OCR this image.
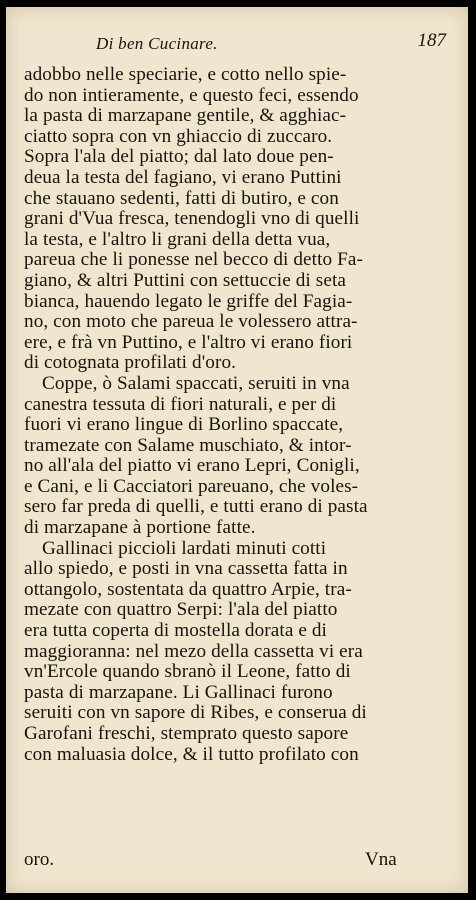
Di ben Cucinare.	187
adobbo nelle speciarie, e cotto nello spie-
do non intieramente, e questo feci, essendo
la pasta di marzapane gentile, & agghiac-
ciatto sopra con vn ghiaccio di zuccaro.
Sopra l'ala del piatto; dal lato doue pen-
deua la testa del fagiano, vi erano Puttini
che stauano sedenti, fatti di butiro, e con
grani d'Vua fresca, tenendogli vno di quelli
la testa, e l'altro li grani della detta vua,
pareua che li ponesse nel becco di detto Fa-
giano, & altri Puttini con settuccie di seta
bianca, hauendo legato le griffe del Fagia-
no, con moto che pareua le volessero attra-
ere, e frà vn Puttino, e l'altro vi erano fiori
di cotognata profilati d'oro.
Coppe, ò Salami spaccati, seruiti in vna
canestra tessuta di fiori naturali, e per di
fuori vi erano lingue di Borlino spaccate,
tramezate con Salame muschiato, & intor-
no all'ala del piatto vi erano Lepri, Conigli,
e Cani, e li Cacciatori pareuano, che voles-
sero far preda di quelli, e tutti erano di pasta
di marzapane à portione fatte.
Gallinaci piccioli lardati minuti cotti
allo spiedo, e posti in vna cassetta fatta in
ottangolo, sostentata da quattro Arpie, tra-
mezate con quattro Serpi: l'ala del piatto
era tutta coperta di mostella dorata e di
maggioranna: nel mezo della cassetta vi era
vn'Ercole quando sbranò il Leone, fatto di
pasta di marzapane. Li Gallinaci furono
seruiti con vn sapore di Ribes, e conserua di
Garofani freschi, stemprato questo sapore
con maluasia dolce, & il tutto profilato con
oro.	Vna
